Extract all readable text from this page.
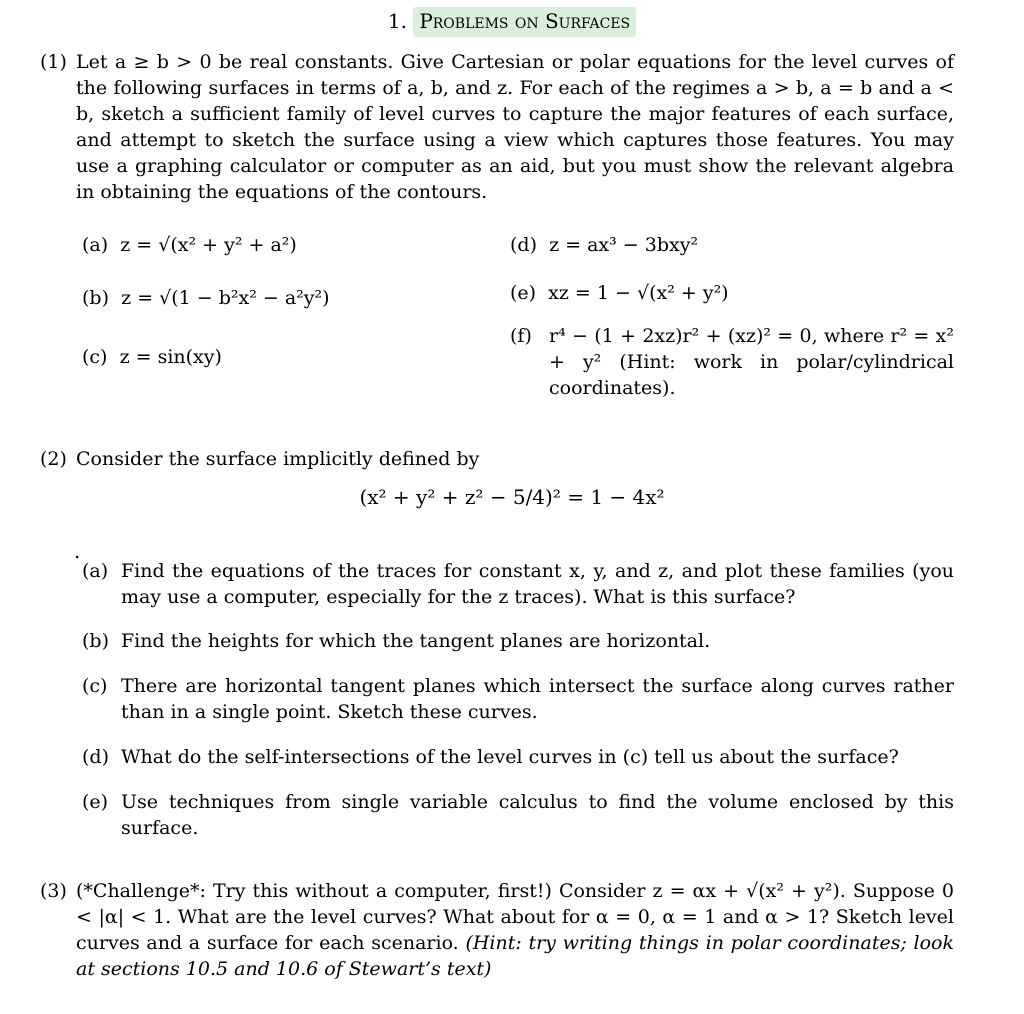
1. Problems on Surfaces
(1) Let a ≥ b > 0 be real constants. Give Cartesian or polar equations for the level curves of the following surfaces in terms of a, b, and z. For each of the regimes a > b, a = b and a < b, sketch a sufficient family of level curves to capture the major features of each surface, and attempt to sketch the surface using a view which captures those features. You may use a graphing calculator or computer as an aid, but you must show the relevant algebra in obtaining the equations of the contours.
(a) z = √(x² + y² + a²)
(b) z = √(1 − b²x² − a²y²)
(c) z = sin(xy)
(d) z = ax³ − 3bxy²
(e) xz = 1 − √(x² + y²)
(f) r⁴ − (1 + 2xz)r² + (xz)² = 0, where r² = x² + y² (Hint: work in polar/cylindrical coordinates).
(2) Consider the surface implicitly defined by
(x² + y² + z² − 5/4)² = 1 − 4x²
.
(a) Find the equations of the traces for constant x, y, and z, and plot these families (you may use a computer, especially for the z traces). What is this surface?
(b) Find the heights for which the tangent planes are horizontal.
(c) There are horizontal tangent planes which intersect the surface along curves rather than in a single point. Sketch these curves.
(d) What do the self-intersections of the level curves in (c) tell us about the surface?
(e) Use techniques from single variable calculus to find the volume enclosed by this surface.
(3) (*Challenge*: Try this without a computer, first!) Consider z = αx + √(x² + y²). Suppose 0 < |α| < 1. What are the level curves? What about for α = 0, α = 1 and α > 1? Sketch level curves and a surface for each scenario. (Hint: try writing things in polar coordinates; look at sections 10.5 and 10.6 of Stewart’s text)
